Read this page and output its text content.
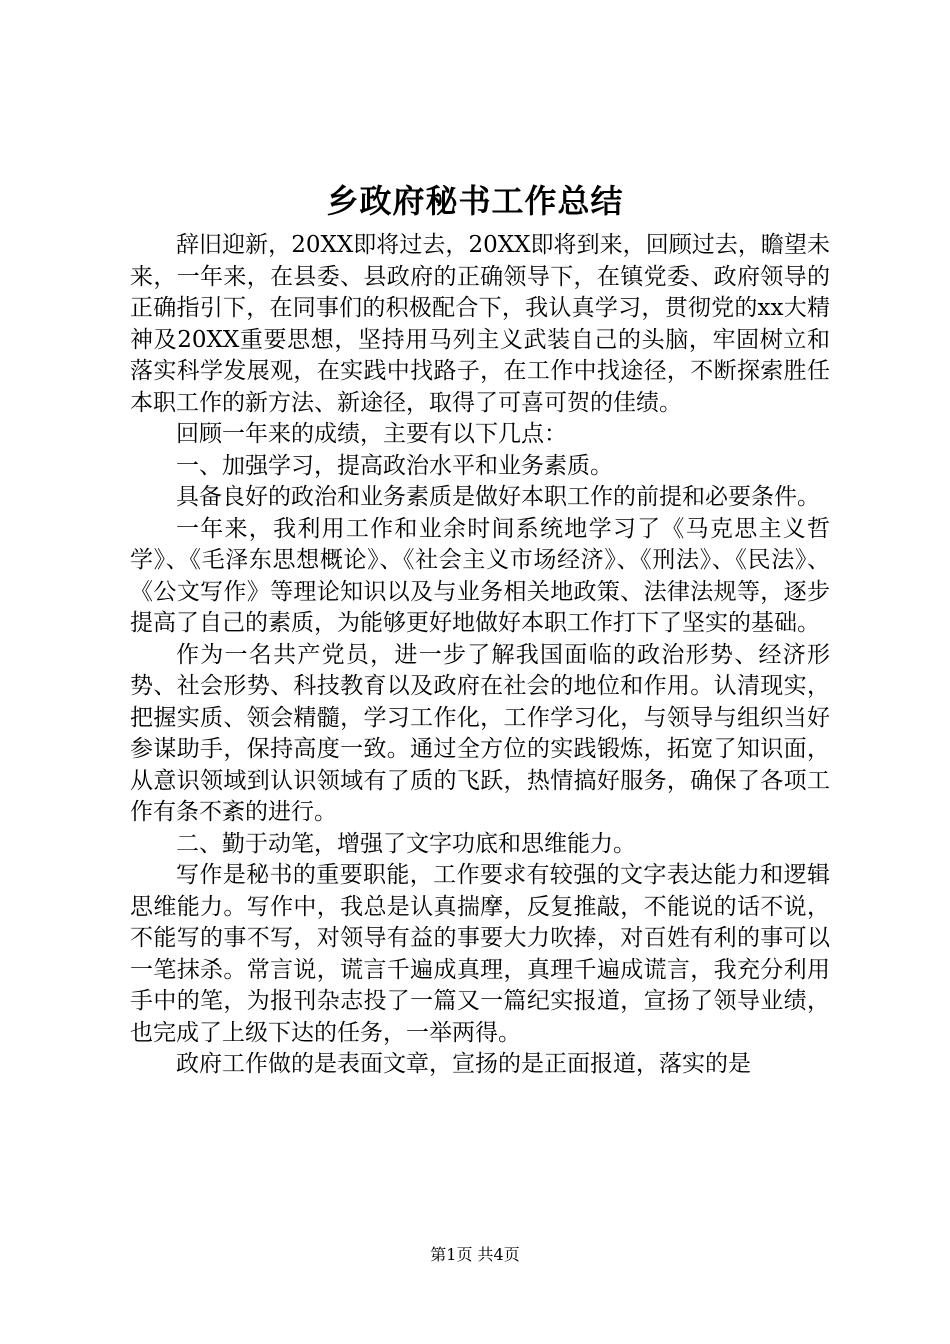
乡政府秘书工作总结

辞旧迎新，20XX即将过去，20XX即将到来，回顾过去，瞻望未来，一年来，在县委、县政府的正确领导下，在镇党委、政府领导的正确指引下，在同事们的积极配合下，我认真学习，贯彻党的xx大精神及20XX重要思想，坚持用马列主义武装自己的头脑，牢固树立和落实科学发展观，在实践中找路子，在工作中找途径，不断探索胜任本职工作的新方法、新途径，取得了可喜可贺的佳绩。

回顾一年来的成绩，主要有以下几点：

一、加强学习，提高政治水平和业务素质。

具备良好的政治和业务素质是做好本职工作的前提和必要条件。

一年来，我利用工作和业余时间系统地学习了《马克思主义哲学》、《毛泽东思想概论》、《社会主义市场经济》、《刑法》、《民法》、《公文写作》等理论知识以及与业务相关地政策、法律法规等，逐步提高了自己的素质，为能够更好地做好本职工作打下了坚实的基础。

作为一名共产党员，进一步了解我国面临的政治形势、经济形势、社会形势、科技教育以及政府在社会的地位和作用。认清现实，把握实质、领会精髓，学习工作化，工作学习化，与领导与组织当好参谋助手，保持高度一致。通过全方位的实践锻炼，拓宽了知识面，从意识领域到认识领域有了质的飞跃，热情搞好服务，确保了各项工作有条不紊的进行。

二、勤于动笔，增强了文字功底和思维能力。

写作是秘书的重要职能，工作要求有较强的文字表达能力和逻辑思维能力。写作中，我总是认真揣摩，反复推敲，不能说的话不说，不能写的事不写，对领导有益的事要大力吹捧，对百姓有利的事可以一笔抹杀。常言说，谎言千遍成真理，真理千遍成谎言，我充分利用手中的笔，为报刊杂志投了一篇又一篇纪实报道，宣扬了领导业绩，也完成了上级下达的任务，一举两得。

政府工作做的是表面文章，宣扬的是正面报道，落实的是

第1页 共4页
